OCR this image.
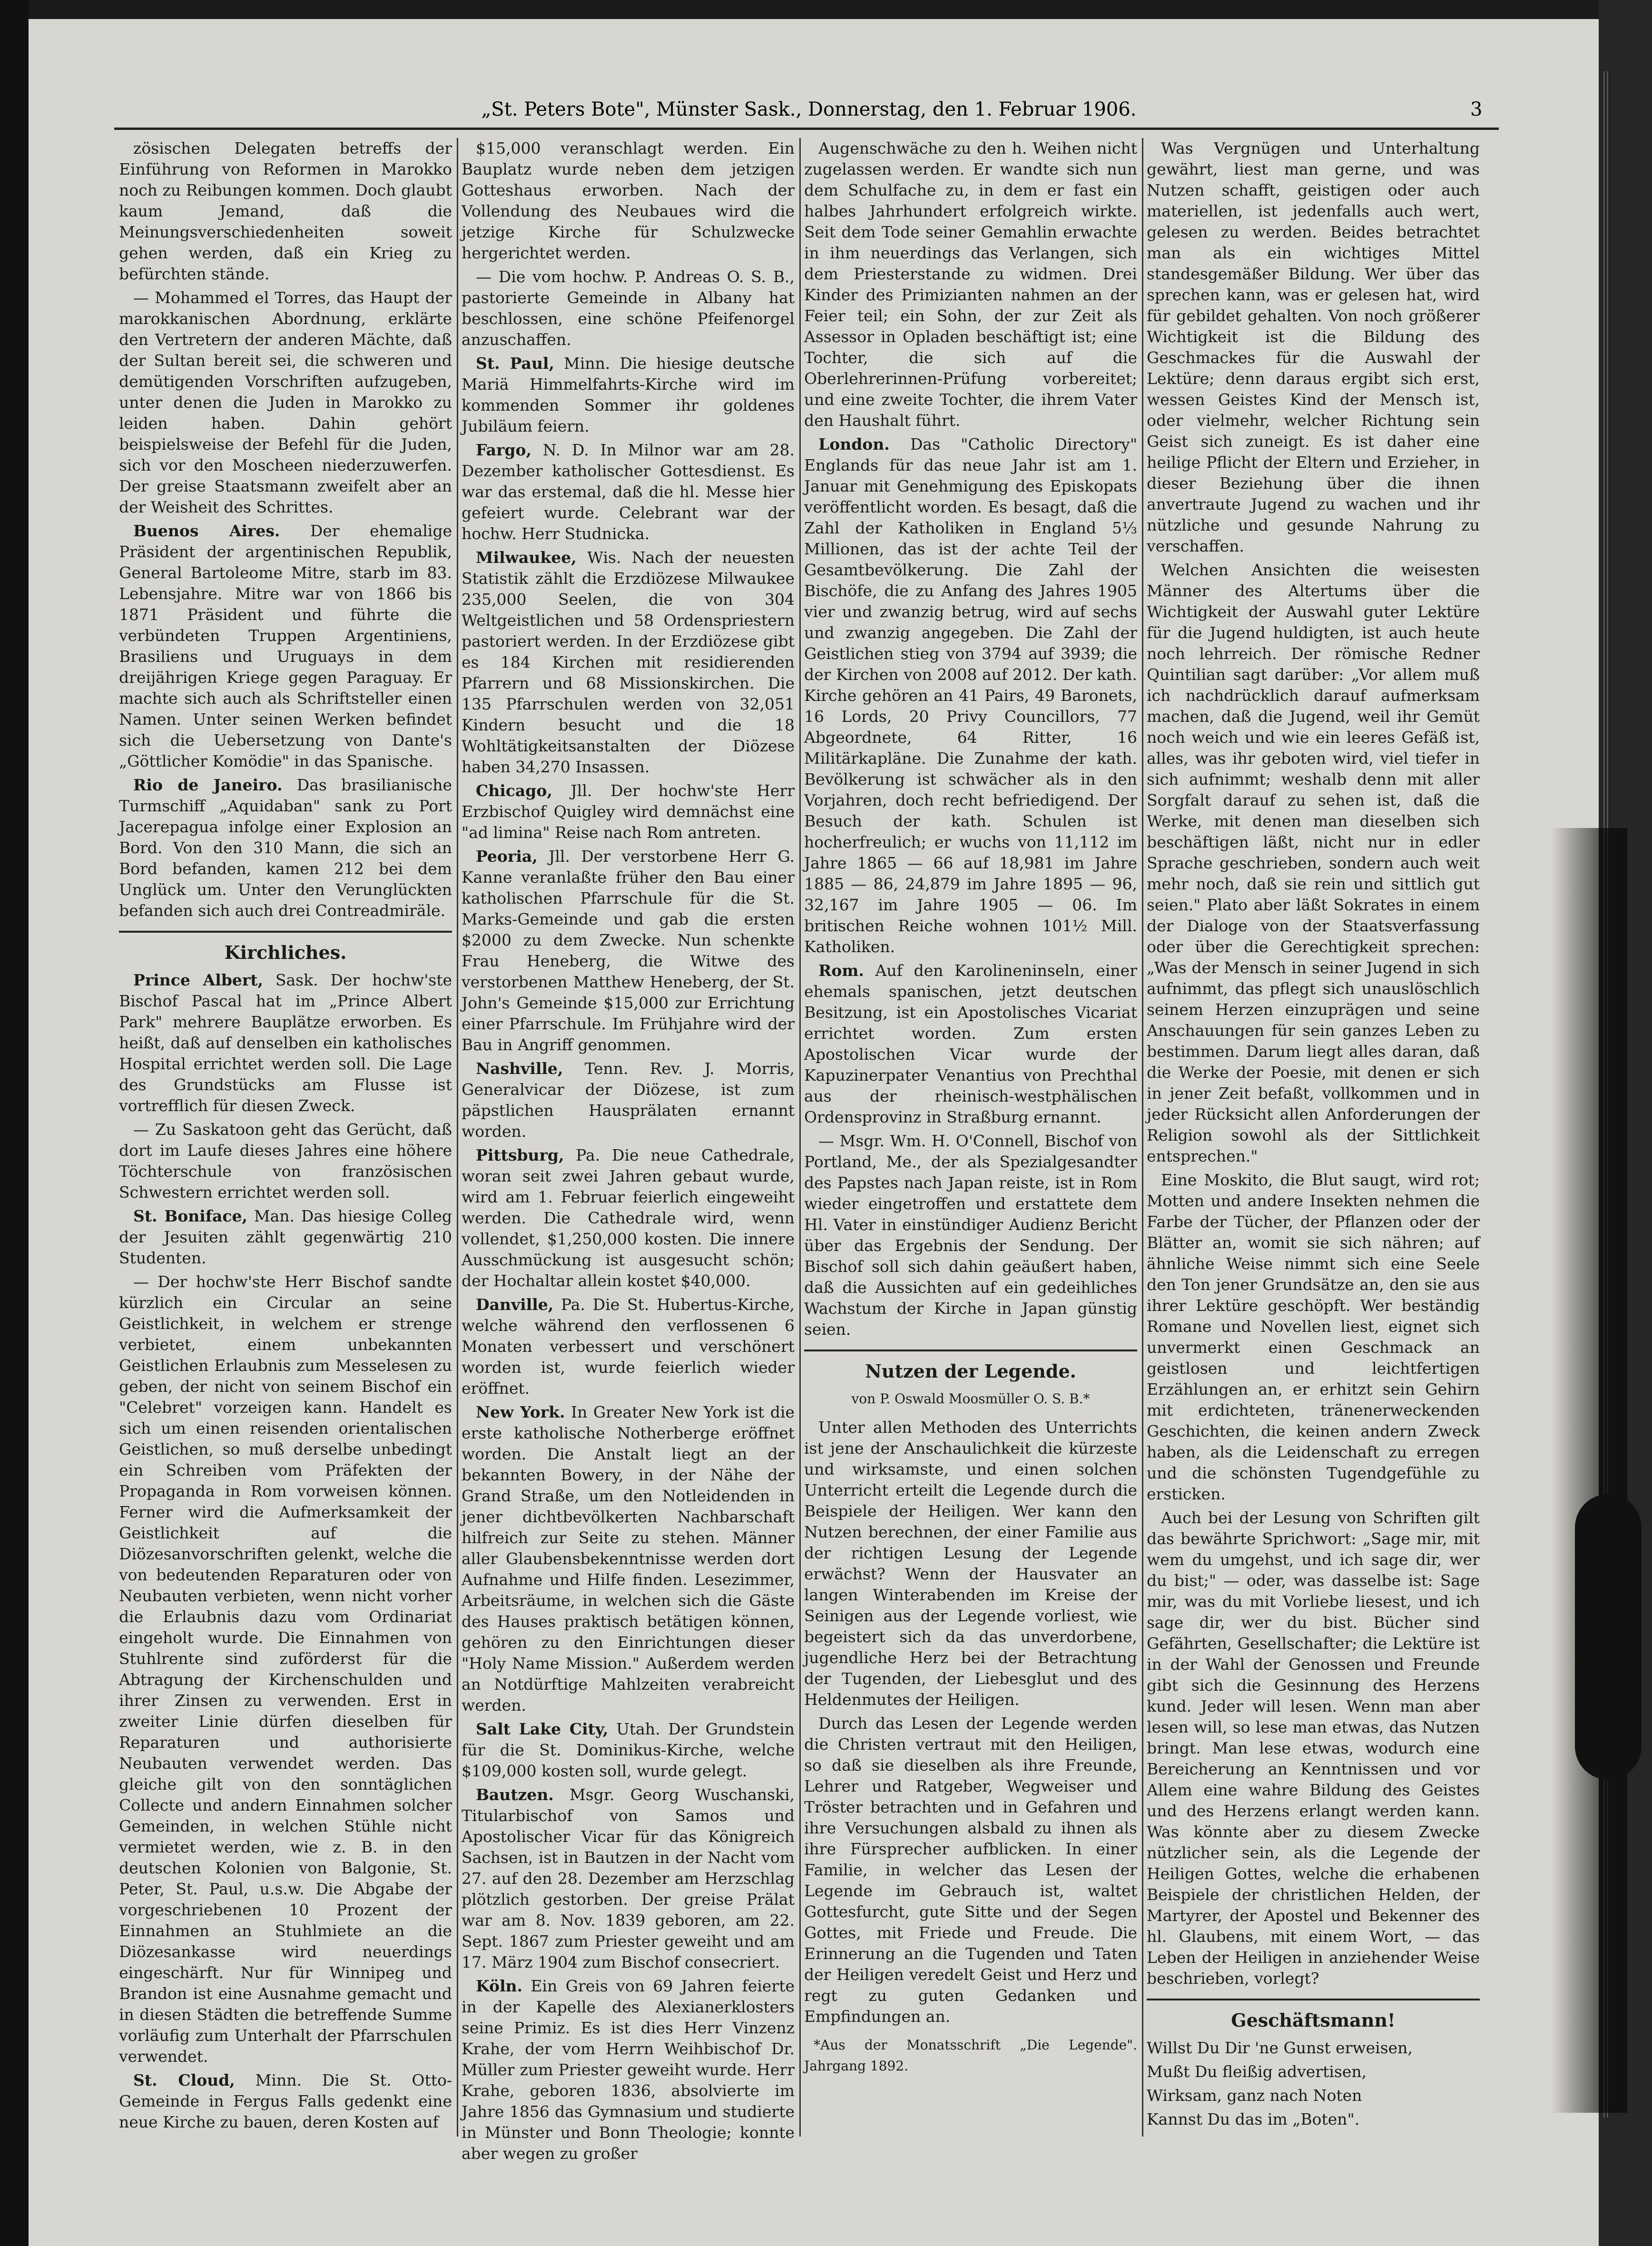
„St. Peters Bote", Münster Sask., Donnerstag, den 1. Februar 1906.	3

zösischen Delegaten betreffs der Einführung von Reformen in Marokko noch zu Reibungen kommen. Doch glaubt kaum Jemand, daß die Meinungsverschiedenheiten soweit gehen werden, daß ein Krieg zu befürchten stände.

— Mohammed el Torres, das Haupt der marokkanischen Abordnung, erklärte den Vertretern der anderen Mächte, daß der Sultan bereit sei, die schweren und demütigenden Vorschriften aufzugeben, unter denen die Juden in Marokko zu leiden haben. Dahin gehört beispielsweise der Befehl für die Juden, sich vor den Moscheen niederzuwerfen. Der greise Staatsmann zweifelt aber an der Weisheit des Schrittes.

Buenos Aires. Der ehemalige Präsident der argentinischen Republik, General Bartoleome Mitre, starb im 83. Lebensjahre. Mitre war von 1866 bis 1871 Präsident und führte die verbündeten Truppen Argentiniens, Brasiliens und Uruguays in dem dreijährigen Kriege gegen Paraguay. Er machte sich auch als Schriftsteller einen Namen. Unter seinen Werken befindet sich die Uebersetzung von Dante's „Göttlicher Komödie" in das Spanische.

Rio de Janeiro. Das brasilianische Turmschiff „Aquidaban" sank zu Port Jacerepagua infolge einer Explosion an Bord. Von den 310 Mann, die sich an Bord befanden, kamen 212 bei dem Unglück um. Unter den Verunglückten befanden sich auch drei Contreadmiräle.

Kirchliches.

Prince Albert, Sask. Der hochw'ste Bischof Pascal hat im „Prince Albert Park" mehrere Bauplätze erworben. Es heißt, daß auf denselben ein katholisches Hospital errichtet werden soll. Die Lage des Grundstücks am Flusse ist vortrefflich für diesen Zweck.

— Zu Saskatoon geht das Gerücht, daß dort im Laufe dieses Jahres eine höhere Töchterschule von französischen Schwestern errichtet werden soll.

St. Boniface, Man. Das hiesige Colleg der Jesuiten zählt gegenwärtig 210 Studenten.

— Der hochw'ste Herr Bischof sandte kürzlich ein Circular an seine Geistlichkeit, in welchem er strenge verbietet, einem unbekannten Geistlichen Erlaubnis zum Messelesen zu geben, der nicht von seinem Bischof ein "Celebret" vorzeigen kann. Handelt es sich um einen reisenden orientalischen Geistlichen, so muß derselbe unbedingt ein Schreiben vom Präfekten der Propaganda in Rom vorweisen können. Ferner wird die Aufmerksamkeit der Geistlichkeit auf die Diözesanvorschriften gelenkt, welche die von bedeutenden Reparaturen oder von Neubauten verbieten, wenn nicht vorher die Erlaubnis dazu vom Ordinariat eingeholt wurde. Die Einnahmen von Stuhlrente sind zuförderst für die Abtragung der Kirchenschulden und ihrer Zinsen zu verwenden. Erst in zweiter Linie dürfen dieselben für Reparaturen und authorisierte Neubauten verwendet werden. Das gleiche gilt von den sonntäglichen Collecte und andern Einnahmen solcher Gemeinden, in welchen Stühle nicht vermietet werden, wie z. B. in den deutschen Kolonien von Balgonie, St. Peter, St. Paul, u.s.w. Die Abgabe der vorgeschriebenen 10 Prozent der Einnahmen an Stuhlmiete an die Diözesankasse wird neuerdings eingeschärft. Nur für Winnipeg und Brandon ist eine Ausnahme gemacht und in diesen Städten die betreffende Summe vorläufig zum Unterhalt der Pfarrschulen verwendet.

St. Cloud, Minn. Die St. Otto-Gemeinde in Fergus Falls gedenkt eine neue Kirche zu bauen, deren Kosten auf

$15,000 veranschlagt werden. Ein Bauplatz wurde neben dem jetzigen Gotteshaus erworben. Nach der Vollendung des Neubaues wird die jetzige Kirche für Schulzwecke hergerichtet werden.

— Die vom hochw. P. Andreas O. S. B., pastorierte Gemeinde in Albany hat beschlossen, eine schöne Pfeifenorgel anzuschaffen.

St. Paul, Minn. Die hiesige deutsche Mariä Himmelfahrts-Kirche wird im kommenden Sommer ihr goldenes Jubiläum feiern.

Fargo, N. D. In Milnor war am 28. Dezember katholischer Gottesdienst. Es war das erstemal, daß die hl. Messe hier gefeiert wurde. Celebrant war der hochw. Herr Studnicka.

Milwaukee, Wis. Nach der neuesten Statistik zählt die Erzdiözese Milwaukee 235,000 Seelen, die von 304 Weltgeistlichen und 58 Ordenspriestern pastoriert werden. In der Erzdiözese gibt es 184 Kirchen mit residierenden Pfarrern und 68 Missionskirchen. Die 135 Pfarrschulen werden von 32,051 Kindern besucht und die 18 Wohltätigkeitsanstalten der Diözese haben 34,270 Insassen.

Chicago, Jll. Der hochw'ste Herr Erzbischof Quigley wird demnächst eine "ad limina" Reise nach Rom antreten.

Peoria, Jll. Der verstorbene Herr G. Kanne veranlaßte früher den Bau einer katholischen Pfarrschule für die St. Marks-Gemeinde und gab die ersten $2000 zu dem Zwecke. Nun schenkte Frau Heneberg, die Witwe des verstorbenen Matthew Heneberg, der St. John's Gemeinde $15,000 zur Errichtung einer Pfarrschule. Im Frühjahre wird der Bau in Angriff genommen.

Nashville, Tenn. Rev. J. Morris, Generalvicar der Diözese, ist zum päpstlichen Hausprälaten ernannt worden.

Pittsburg, Pa. Die neue Cathedrale, woran seit zwei Jahren gebaut wurde, wird am 1. Februar feierlich eingeweiht werden. Die Cathedrale wird, wenn vollendet, $1,250,000 kosten. Die innere Ausschmückung ist ausgesucht schön; der Hochaltar allein kostet $40,000.

Danville, Pa. Die St. Hubertus-Kirche, welche während den verflossenen 6 Monaten verbessert und verschönert worden ist, wurde feierlich wieder eröffnet.

New York. In Greater New York ist die erste katholische Notherberge eröffnet worden. Die Anstalt liegt an der bekannten Bowery, in der Nähe der Grand Straße, um den Notleidenden in jener dichtbevölkerten Nachbarschaft hilfreich zur Seite zu stehen. Männer aller Glaubensbekenntnisse werden dort Aufnahme und Hilfe finden. Lesezimmer, Arbeitsräume, in welchen sich die Gäste des Hauses praktisch betätigen können, gehören zu den Einrichtungen dieser "Holy Name Mission." Außerdem werden an Notdürftige Mahlzeiten verabreicht werden.

Salt Lake City, Utah. Der Grundstein für die St. Dominikus-Kirche, welche $109,000 kosten soll, wurde gelegt.

Bautzen. Msgr. Georg Wuschanski, Titularbischof von Samos und Apostolischer Vicar für das Königreich Sachsen, ist in Bautzen in der Nacht vom 27. auf den 28. Dezember am Herzschlag plötzlich gestorben. Der greise Prälat war am 8. Nov. 1839 geboren, am 22. Sept. 1867 zum Priester geweiht und am 17. März 1904 zum Bischof consecriert.

Köln. Ein Greis von 69 Jahren feierte in der Kapelle des Alexianerklosters seine Primiz. Es ist dies Herr Vinzenz Krahe, der vom Herrn Weihbischof Dr. Müller zum Priester geweiht wurde. Herr Krahe, geboren 1836, absolvierte im Jahre 1856 das Gymnasium und studierte in Münster und Bonn Theologie; konnte aber wegen zu großer

Augenschwäche zu den h. Weihen nicht zugelassen werden. Er wandte sich nun dem Schulfache zu, in dem er fast ein halbes Jahrhundert erfolgreich wirkte. Seit dem Tode seiner Gemahlin erwachte in ihm neuerdings das Verlangen, sich dem Priesterstande zu widmen. Drei Kinder des Primizianten nahmen an der Feier teil; ein Sohn, der zur Zeit als Assessor in Opladen beschäftigt ist; eine Tochter, die sich auf die Oberlehrerinnen-Prüfung vorbereitet; und eine zweite Tochter, die ihrem Vater den Haushalt führt.

London. Das "Catholic Directory" Englands für das neue Jahr ist am 1. Januar mit Genehmigung des Episkopats veröffentlicht worden. Es besagt, daß die Zahl der Katholiken in England 5⅓ Millionen, das ist der achte Teil der Gesamtbevölkerung. Die Zahl der Bischöfe, die zu Anfang des Jahres 1905 vier und zwanzig betrug, wird auf sechs und zwanzig angegeben. Die Zahl der Geistlichen stieg von 3794 auf 3939; die der Kirchen von 2008 auf 2012. Der kath. Kirche gehören an 41 Pairs, 49 Baronets, 16 Lords, 20 Privy Councillors, 77 Abgeordnete, 64 Ritter, 16 Militärkapläne. Die Zunahme der kath. Bevölkerung ist schwächer als in den Vorjahren, doch recht befriedigend. Der Besuch der kath. Schulen ist hocherfreulich; er wuchs von 11,112 im Jahre 1865 — 66 auf 18,981 im Jahre 1885 — 86, 24,879 im Jahre 1895 — 96, 32,167 im Jahre 1905 — 06. Im britischen Reiche wohnen 101½ Mill. Katholiken.

Rom. Auf den Karolineninseln, einer ehemals spanischen, jetzt deutschen Besitzung, ist ein Apostolisches Vicariat errichtet worden. Zum ersten Apostolischen Vicar wurde der Kapuzinerpater Venantius von Prechthal aus der rheinisch-westphälischen Ordensprovinz in Straßburg ernannt.

— Msgr. Wm. H. O'Connell, Bischof von Portland, Me., der als Spezialgesandter des Papstes nach Japan reiste, ist in Rom wieder eingetroffen und erstattete dem Hl. Vater in einstündiger Audienz Bericht über das Ergebnis der Sendung. Der Bischof soll sich dahin geäußert haben, daß die Aussichten auf ein gedeihliches Wachstum der Kirche in Japan günstig seien.

Nutzen der Legende.

von P. Oswald Moosmüller O. S. B.*

Unter allen Methoden des Unterrichts ist jene der Anschaulichkeit die kürzeste und wirksamste, und einen solchen Unterricht erteilt die Legende durch die Beispiele der Heiligen. Wer kann den Nutzen berechnen, der einer Familie aus der richtigen Lesung der Legende erwächst? Wenn der Hausvater an langen Winterabenden im Kreise der Seinigen aus der Legende vorliest, wie begeistert sich da das unverdorbene, jugendliche Herz bei der Betrachtung der Tugenden, der Liebesglut und des Heldenmutes der Heiligen.

Durch das Lesen der Legende werden die Christen vertraut mit den Heiligen, so daß sie dieselben als ihre Freunde, Lehrer und Ratgeber, Wegweiser und Tröster betrachten und in Gefahren und ihre Versuchungen alsbald zu ihnen als ihre Fürsprecher aufblicken. In einer Familie, in welcher das Lesen der Legende im Gebrauch ist, waltet Gottesfurcht, gute Sitte und der Segen Gottes, mit Friede und Freude. Die Erinnerung an die Tugenden und Taten der Heiligen veredelt Geist und Herz und regt zu guten Gedanken und Empfindungen an.

*Aus der Monatsschrift „Die Legende". Jahrgang 1892.

Was Vergnügen und Unterhaltung gewährt, liest man gerne, und was Nutzen schafft, geistigen oder auch materiellen, ist jedenfalls auch wert, gelesen zu werden. Beides betrachtet man als ein wichtiges Mittel standesgemäßer Bildung. Wer über das sprechen kann, was er gelesen hat, wird für gebildet gehalten. Von noch größerer Wichtigkeit ist die Bildung des Geschmackes für die Auswahl der Lektüre; denn daraus ergibt sich erst, wessen Geistes Kind der Mensch ist, oder vielmehr, welcher Richtung sein Geist sich zuneigt. Es ist daher eine heilige Pflicht der Eltern und Erzieher, in dieser Beziehung über die ihnen anvertraute Jugend zu wachen und ihr nützliche und gesunde Nahrung zu verschaffen.

Welchen Ansichten die weisesten Männer des Altertums über die Wichtigkeit der Auswahl guter Lektüre für die Jugend huldigten, ist auch heute noch lehrreich. Der römische Redner Quintilian sagt darüber: „Vor allem muß ich nachdrücklich darauf aufmerksam machen, daß die Jugend, weil ihr Gemüt noch weich und wie ein leeres Gefäß ist, alles, was ihr geboten wird, viel tiefer in sich aufnimmt; weshalb denn mit aller Sorgfalt darauf zu sehen ist, daß die Werke, mit denen man dieselben sich beschäftigen läßt, nicht nur in edler Sprache geschrieben, sondern auch weit mehr noch, daß sie rein und sittlich gut seien." Plato aber läßt Sokrates in einem der Dialoge von der Staatsverfassung oder über die Gerechtigkeit sprechen: „Was der Mensch in seiner Jugend in sich aufnimmt, das pflegt sich unauslöschlich seinem Herzen einzuprägen und seine Anschauungen für sein ganzes Leben zu bestimmen. Darum liegt alles daran, daß die Werke der Poesie, mit denen er sich in jener Zeit befaßt, vollkommen und in jeder Rücksicht allen Anforderungen der Religion sowohl als der Sittlichkeit entsprechen."

Eine Moskito, die Blut saugt, wird rot; Motten und andere Insekten nehmen die Farbe der Tücher, der Pflanzen oder der Blätter an, womit sie sich nähren; auf ähnliche Weise nimmt sich eine Seele den Ton jener Grundsätze an, den sie aus ihrer Lektüre geschöpft. Wer beständig Romane und Novellen liest, eignet sich unvermerkt einen Geschmack an geistlosen und leichtfertigen Erzählungen an, er erhitzt sein Gehirn mit erdichteten, tränenerweckenden Geschichten, die keinen andern Zweck haben, als die Leidenschaft zu erregen und die schönsten Tugendgefühle zu ersticken.

Auch bei der Lesung von Schriften gilt das bewährte Sprichwort: „Sage mir, mit wem du umgehst, und ich sage dir, wer du bist;" — oder, was dasselbe ist: Sage mir, was du mit Vorliebe liesest, und ich sage dir, wer du bist. Bücher sind Gefährten, Gesellschafter; die Lektüre ist in der Wahl der Genossen und Freunde gibt sich die Gesinnung des Herzens kund. Jeder will lesen. Wenn man aber lesen will, so lese man etwas, das Nutzen bringt. Man lese etwas, wodurch eine Bereicherung an Kenntnissen und vor Allem eine wahre Bildung des Geistes und des Herzens erlangt werden kann. Was könnte aber zu diesem Zwecke nützlicher sein, als die Legende der Heiligen Gottes, welche die erhabenen Beispiele der christlichen Helden, der Martyrer, der Apostel und Bekenner des hl. Glaubens, mit einem Wort, — das Leben der Heiligen in anziehender Weise beschrieben, vorlegt?

Geschäftsmann!

Willst Du Dir 'ne Gunst erweisen,

Mußt Du fleißig advertisen,

Wirksam, ganz nach Noten

Kannst Du das im „Boten".
